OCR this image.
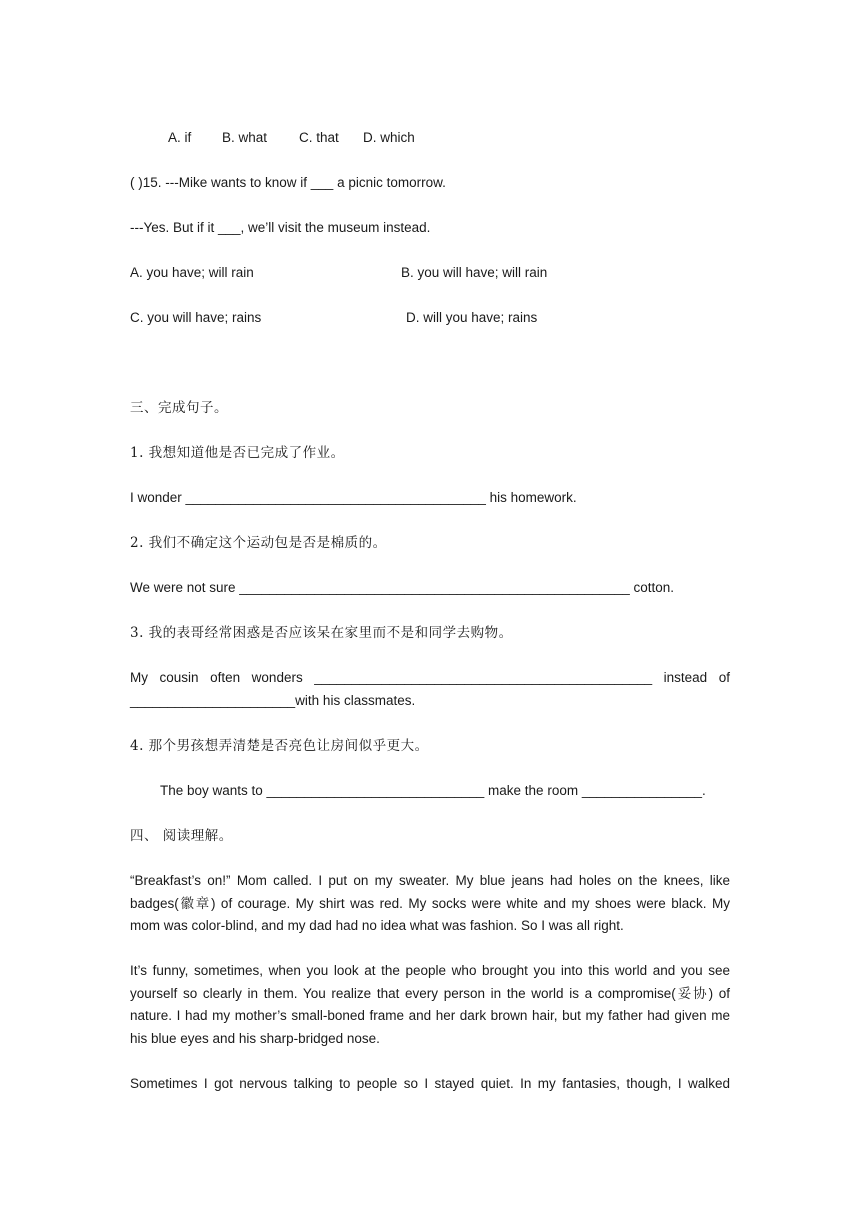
A. if B. what C. that D. which
( )15. ---Mike wants to know if ___ a picnic tomorrow.
---Yes. But if it ___, we’ll visit the museum instead.
A. you have; will rain	B. you will have; will rain
C. you will have; rains	D. will you have; rains
三、完成句子。
1. 我想知道他是否已完成了作业。
I wonder ________________________________________ his homework.
2. 我们不确定这个运动包是否是棉质的。
We were not sure ____________________________________________________ cotton.
3. 我的表哥经常困惑是否应该呆在家里而不是和同学去购物。
My cousin often wonders _____________________________________________ instead of
______________________with his classmates.
4. 那个男孩想弄清楚是否亮色让房间似乎更大。
The boy wants to _____________________________ make the room ________________.
四、 阅读理解。
“Breakfast’s on!” Mom called. I put on my sweater. My blue jeans had holes on the knees, like badges(徽章) of courage. My shirt was red. My socks were white and my shoes were black. My mom was color-blind, and my dad had no idea what was fashion. So I was all right.
It’s funny, sometimes, when you look at the people who brought you into this world and you see yourself so clearly in them. You realize that every person in the world is a compromise(妥协) of nature. I had my mother’s small-boned frame and her dark brown hair, but my father had given me his blue eyes and his sharp-bridged nose.
Sometimes I got nervous talking to people so I stayed quiet. In my fantasies, though, I walked
